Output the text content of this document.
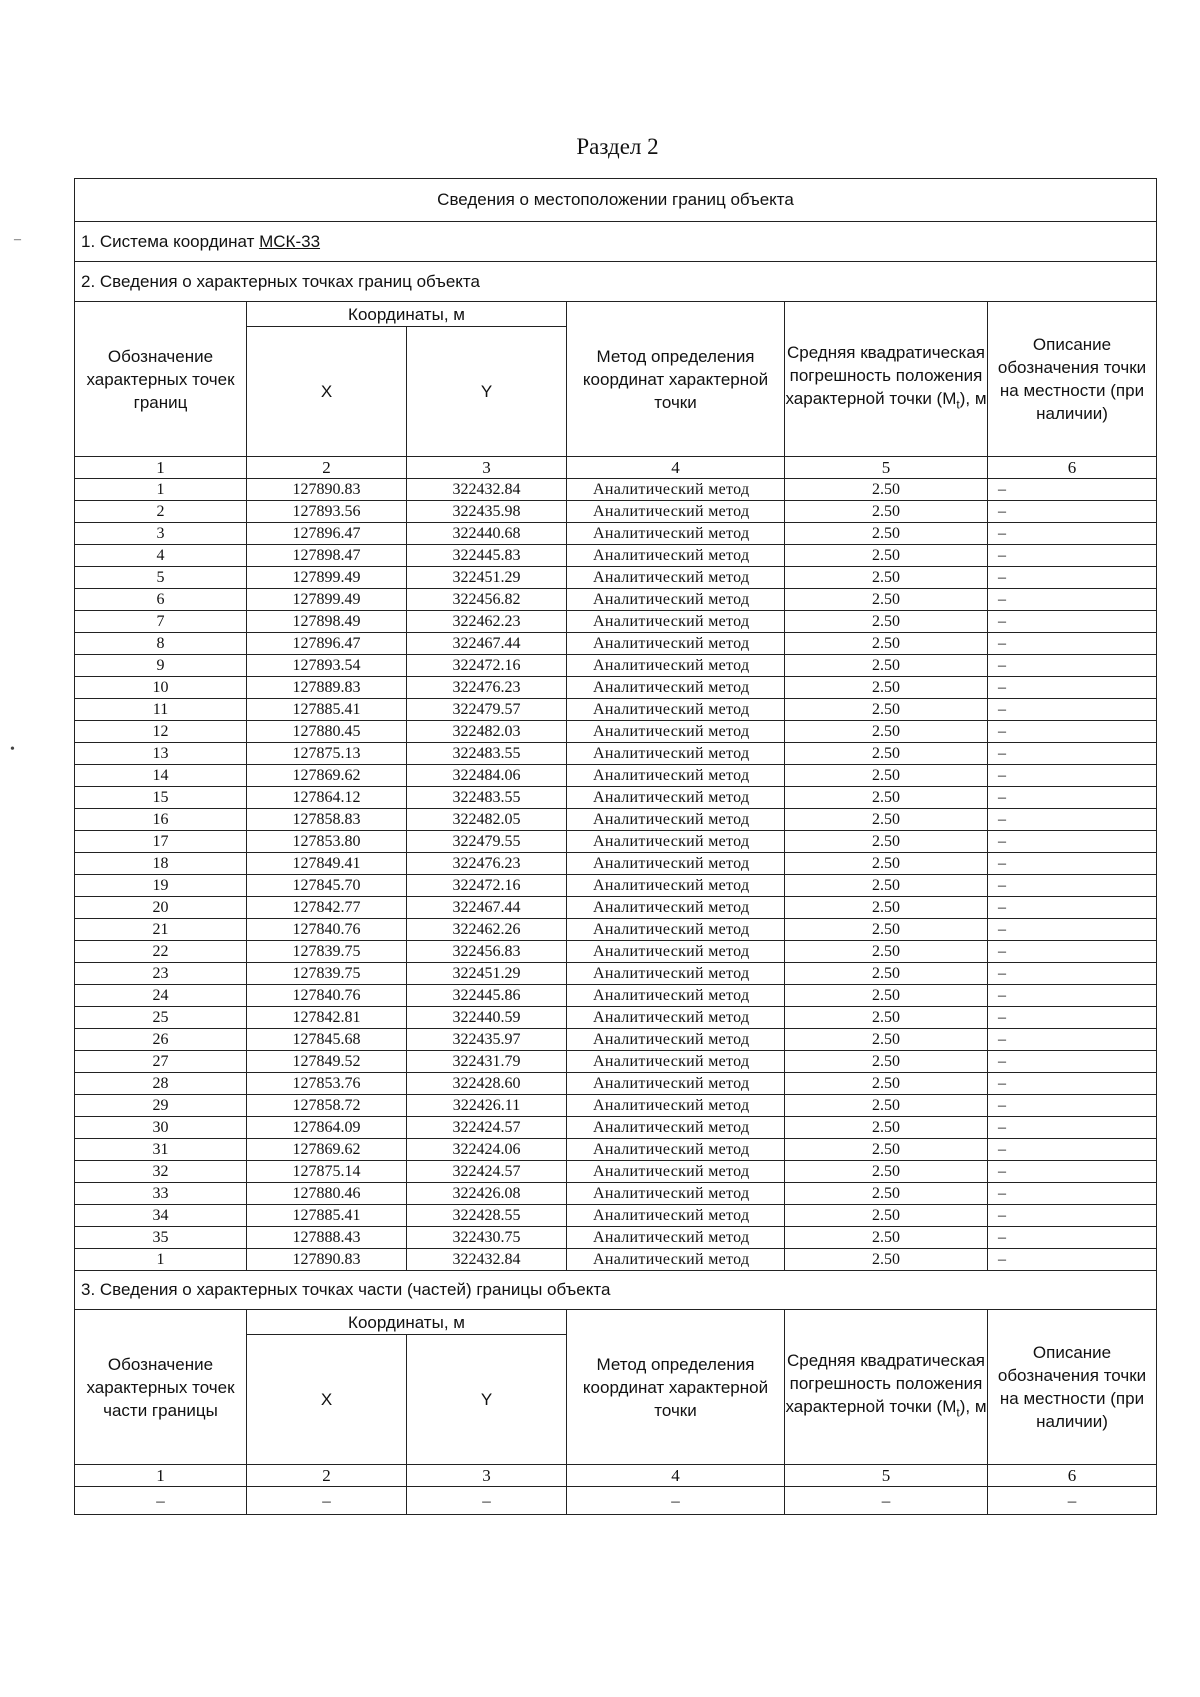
Раздел 2
Сведения о местоположении границ объекта					
1. Система координат МСК-33					
2. Сведения о характерных точках границ объекта					
Обозначение характерных точек границ	Координаты, м		Метод определения координат характерной точки	Средняя квадратическая погрешность положения характерной точки $(M_t)$, м	Описание обозначения точки на местности (при наличии)
	X	Y			
1	2	3	4	5	6
1	127890.83	322432.84	Аналитический метод	2.50	–
2	127893.56	322435.98	Аналитический метод	2.50	–
3	127896.47	322440.68	Аналитический метод	2.50	–
4	127898.47	322445.83	Аналитический метод	2.50	–
5	127899.49	322451.29	Аналитический метод	2.50	–
6	127899.49	322456.82	Аналитический метод	2.50	–
7	127898.49	322462.23	Аналитический метод	2.50	–
8	127896.47	322467.44	Аналитический метод	2.50	–
9	127893.54	322472.16	Аналитический метод	2.50	–
10	127889.83	322476.23	Аналитический метод	2.50	–
11	127885.41	322479.57	Аналитический метод	2.50	–
12	127880.45	322482.03	Аналитический метод	2.50	–
13	127875.13	322483.55	Аналитический метод	2.50	–
14	127869.62	322484.06	Аналитический метод	2.50	–
15	127864.12	322483.55	Аналитический метод	2.50	–
16	127858.83	322482.05	Аналитический метод	2.50	–
17	127853.80	322479.55	Аналитический метод	2.50	–
18	127849.41	322476.23	Аналитический метод	2.50	–
19	127845.70	322472.16	Аналитический метод	2.50	–
20	127842.77	322467.44	Аналитический метод	2.50	–
21	127840.76	322462.26	Аналитический метод	2.50	–
22	127839.75	322456.83	Аналитический метод	2.50	–
23	127839.75	322451.29	Аналитический метод	2.50	–
24	127840.76	322445.86	Аналитический метод	2.50	–
25	127842.81	322440.59	Аналитический метод	2.50	–
26	127845.68	322435.97	Аналитический метод	2.50	–
27	127849.52	322431.79	Аналитический метод	2.50	–
28	127853.76	322428.60	Аналитический метод	2.50	–
29	127858.72	322426.11	Аналитический метод	2.50	–
30	127864.09	322424.57	Аналитический метод	2.50	–
31	127869.62	322424.06	Аналитический метод	2.50	–
32	127875.14	322424.57	Аналитический метод	2.50	–
33	127880.46	322426.08	Аналитический метод	2.50	–
34	127885.41	322428.55	Аналитический метод	2.50	–
35	127888.43	322430.75	Аналитический метод	2.50	–
1	127890.83	322432.84	Аналитический метод	2.50	–
3. Сведения о характерных точках части (частей) границы объекта					
Обозначение характерных точек части границы	Координаты, м		Метод определения координат характерной точки	Средняя квадратическая погрешность положения характерной точки $(M_t)$, м	Описание обозначения точки на местности (при наличии)
	X	Y			
1	2	3	4	5	6
–	–	–	–	–	–
–
•
